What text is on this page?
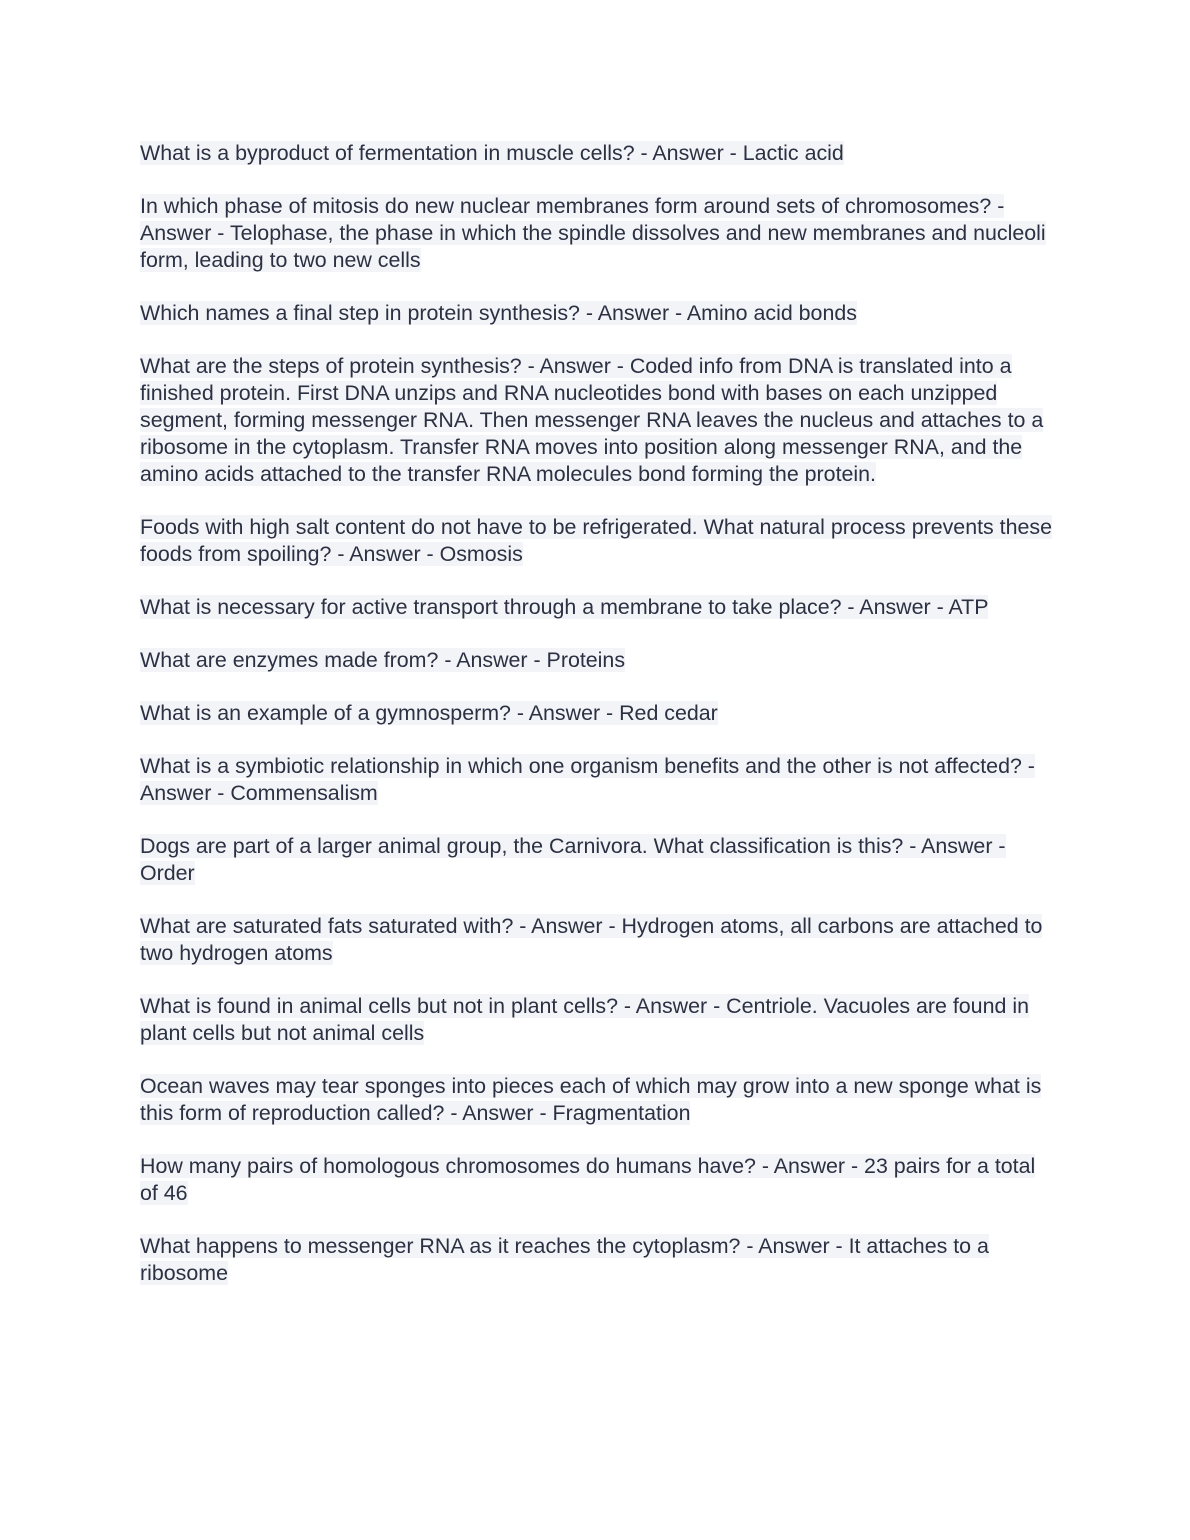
What is a byproduct of fermentation in muscle cells? - Answer - Lactic acid

In which phase of mitosis do new nuclear membranes form around sets of chromosomes? - Answer - Telophase, the phase in which the spindle dissolves and new membranes and nucleoli form, leading to two new cells

Which names a final step in protein synthesis? - Answer - Amino acid bonds

What are the steps of protein synthesis? - Answer - Coded info from DNA is translated into a finished protein. First DNA unzips and RNA nucleotides bond with bases on each unzipped segment, forming messenger RNA. Then messenger RNA leaves the nucleus and attaches to a ribosome in the cytoplasm. Transfer RNA moves into position along messenger RNA, and the amino acids attached to the transfer RNA molecules bond forming the protein.

Foods with high salt content do not have to be refrigerated. What natural process prevents these foods from spoiling? - Answer - Osmosis

What is necessary for active transport through a membrane to take place? - Answer - ATP

What are enzymes made from? - Answer - Proteins

What is an example of a gymnosperm? - Answer - Red cedar

What is a symbiotic relationship in which one organism benefits and the other is not affected? - Answer - Commensalism

Dogs are part of a larger animal group, the Carnivora. What classification is this? - Answer - Order

What are saturated fats saturated with? - Answer - Hydrogen atoms, all carbons are attached to two hydrogen atoms

What is found in animal cells but not in plant cells? - Answer - Centriole. Vacuoles are found in plant cells but not animal cells

Ocean waves may tear sponges into pieces each of which may grow into a new sponge what is this form of reproduction called? - Answer - Fragmentation

How many pairs of homologous chromosomes do humans have? - Answer - 23 pairs for a total of 46

What happens to messenger RNA as it reaches the cytoplasm? - Answer - It attaches to a ribosome
